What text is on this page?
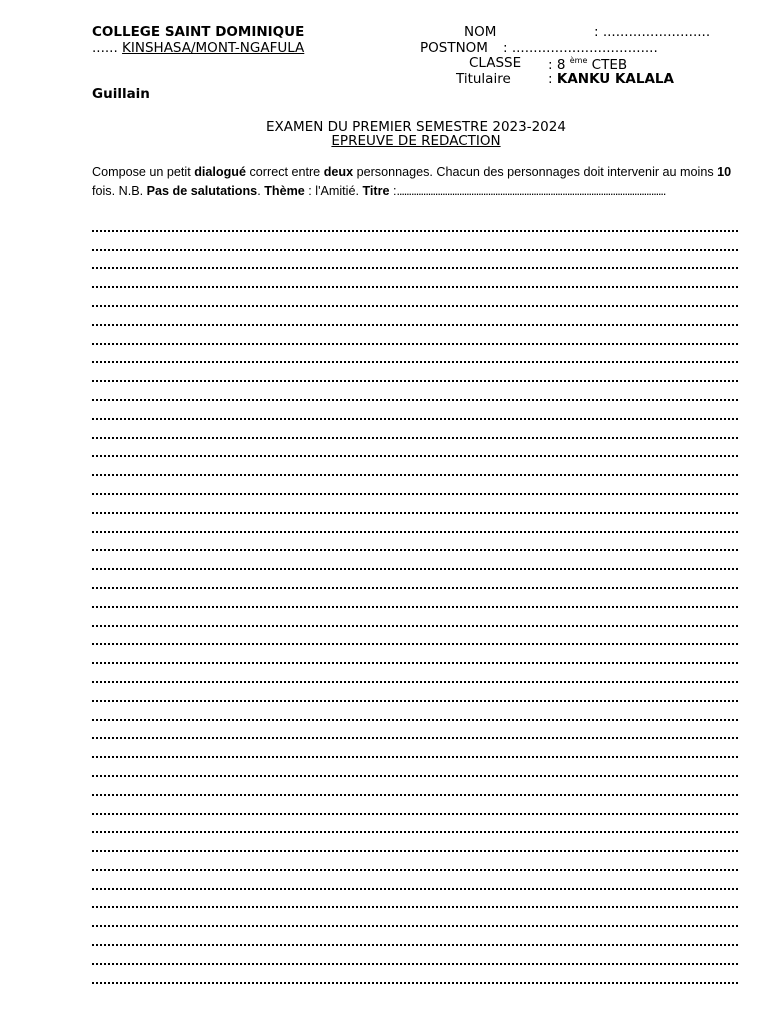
COLLEGE SAINT DOMINIQUE
...... KINSHASA/MONT-NGAFULA
Guillain
NOM	: .........................
POSTNOM : ..................................
CLASSE : 8 $^{ème}$ CTEB
Titulaire	: KANKU KALALA
EXAMEN DU PREMIER SEMESTRE 2023-2024
EPREUVE DE REDACTION
Compose un petit dialogué correct entre deux personnages. Chacun des personnages doit intervenir au moins 10 fois. N.B. Pas de salutations. Thème : l'Amitié. Titre :................................................................................................................
